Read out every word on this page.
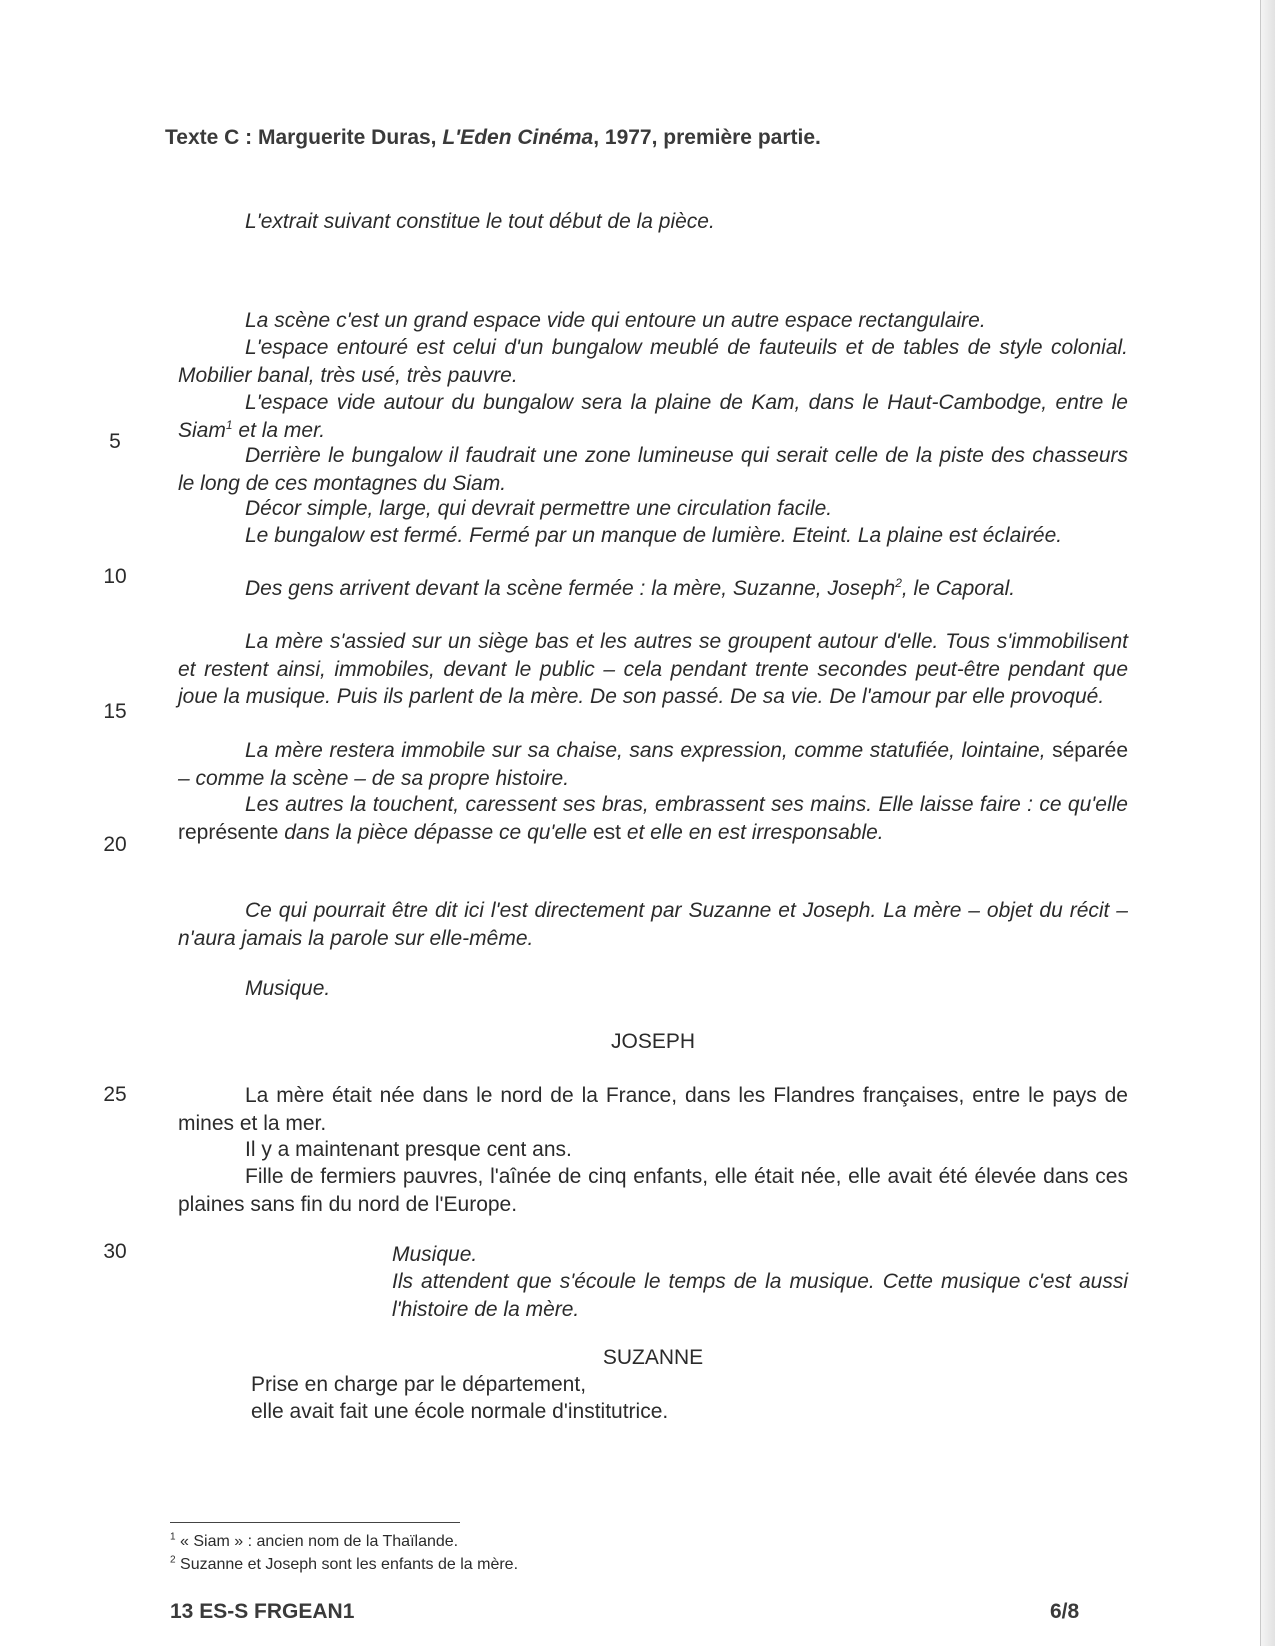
Texte C : Marguerite Duras, L'Eden Cinéma, 1977, première partie.
L'extrait suivant constitue le tout début de la pièce.

La scène c'est un grand espace vide qui entoure un autre espace rectangulaire.

L'espace entouré est celui d'un bungalow meublé de fauteuils et de tables de style colonial. Mobilier banal, très usé, très pauvre.

L'espace vide autour du bungalow sera la plaine de Kam, dans le Haut-Cambodge, entre le Siam$^1$ et la mer.

Derrière le bungalow il faudrait une zone lumineuse qui serait celle de la piste des chasseurs le long de ces montagnes du Siam.

Décor simple, large, qui devrait permettre une circulation facile.

Le bungalow est fermé. Fermé par un manque de lumière. Eteint. La plaine est éclairée.

Des gens arrivent devant la scène fermée : la mère, Suzanne, Joseph$^2$, le Caporal.

La mère s'assied sur un siège bas et les autres se groupent autour d'elle. Tous s'immobilisent et restent ainsi, immobiles, devant le public – cela pendant trente secondes peut-être pendant que joue la musique. Puis ils parlent de la mère. De son passé. De sa vie. De l'amour par elle provoqué.

La mère restera immobile sur sa chaise, sans expression, comme statufiée, lointaine, séparée – comme la scène – de sa propre histoire.

Les autres la touchent, caressent ses bras, embrassent ses mains. Elle laisse faire : ce qu'elle représente dans la pièce dépasse ce qu'elle est et elle en est irresponsable.

Ce qui pourrait être dit ici l'est directement par Suzanne et Joseph. La mère – objet du récit – n'aura jamais la parole sur elle-même.

Musique.
5
10
15
20
25
30
JOSEPH

La mère était née dans le nord de la France, dans les Flandres françaises, entre le pays de mines et la mer.

Il y a maintenant presque cent ans.

Fille de fermiers pauvres, l'aînée de cinq enfants, elle était née, elle avait été élevée dans ces plaines sans fin du nord de l'Europe.

Musique.

Ils attendent que s'écoule le temps de la musique. Cette musique c'est aussi l'histoire de la mère.

SUZANNE
Prise en charge par le département,
elle avait fait une école normale d'institutrice.
$^1$ « Siam » : ancien nom de la Thaïlande.
$^2$ Suzanne et Joseph sont les enfants de la mère.
13 ES-S FRGEAN1	6/8
